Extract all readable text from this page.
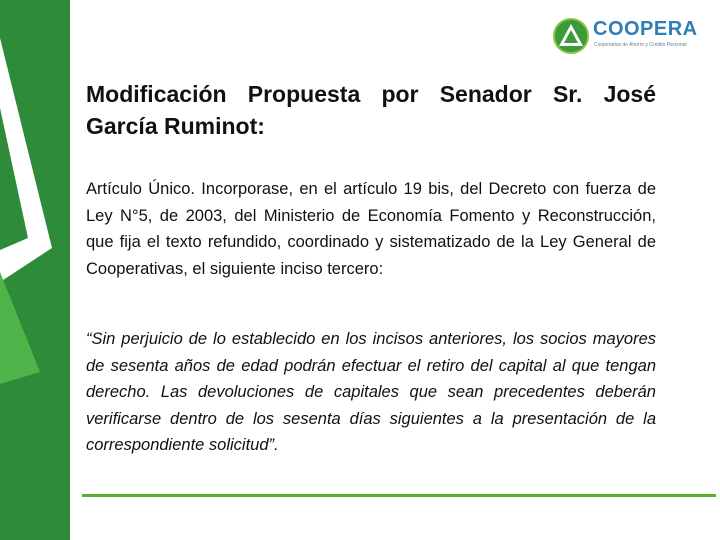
COOPERA
Cooperativa de Ahorro y Crédito Personal
Modificación Propuesta por Senador Sr. José García Ruminot:
Artículo Único. Incorporase, en el artículo 19 bis, del Decreto con fuerza de Ley N°5, de 2003, del Ministerio de Economía Fomento y Reconstrucción, que fija el texto refundido, coordinado y sistematizado de la Ley General de Cooperativas, el siguiente inciso tercero:
“Sin perjuicio de lo establecido en los incisos anteriores, los socios mayores de sesenta años de edad podrán efectuar el retiro del capital al que tengan derecho. Las devoluciones de capitales que sean precedentes deberán verificarse dentro de los sesenta días siguientes a la presentación de la correspondiente solicitud”.
